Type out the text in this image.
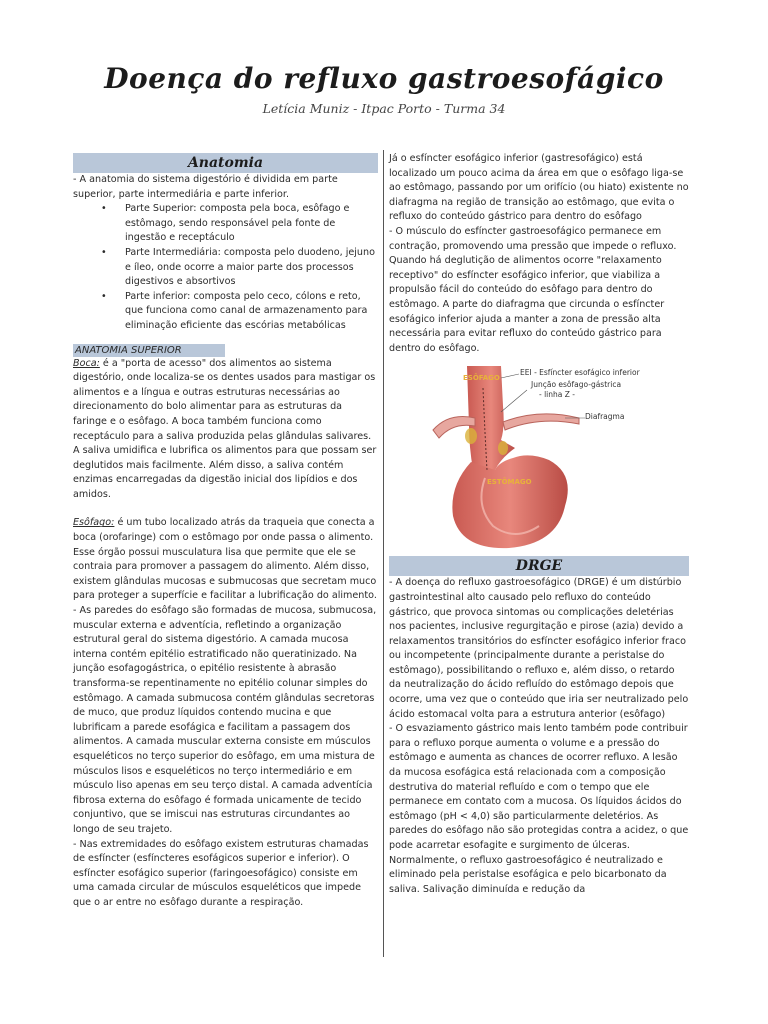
Doença do refluxo gastroesofágico
Letícia Muniz - Itpac Porto - Turma 34
Anatomia

- A anatomia do sistema digestório é dividida em parte superior, parte intermediária e parte inferior.

• Parte Superior: composta pela boca, esôfago e estômago, sendo responsável pela fonte de ingestão e receptáculo
• Parte Intermediária: composta pelo duodeno, jejuno e íleo, onde ocorre a maior parte dos processos digestivos e absortivos
• Parte inferior: composta pelo ceco, cólons e reto, que funciona como canal de armazenamento para eliminação eficiente das escórias metabólicas
ANATOMIA SUPERIOR

Boca: é a "porta de acesso" dos alimentos ao sistema digestório, onde localiza-se os dentes usados para mastigar os alimentos e a língua e outras estruturas necessárias ao direcionamento do bolo alimentar para as estruturas da faringe e o esôfago. A boca também funciona como receptáculo para a saliva produzida pelas glândulas salivares. A saliva umidifica e lubrifica os alimentos para que possam ser deglutidos mais facilmente. Além disso, a saliva contém enzimas encarregadas da digestão inicial dos lipídios e dos amidos.

Esôfago: é um tubo localizado atrás da traqueia que conecta a boca (orofaringe) com o estômago por onde passa o alimento. Esse órgão possui musculatura lisa que permite que ele se contraia para promover a passagem do alimento. Além disso, existem glândulas mucosas e submucosas que secretam muco para proteger a superfície e facilitar a lubrificação do alimento.

- As paredes do esôfago são formadas de mucosa, submucosa, muscular externa e adventícia, refletindo a organização estrutural geral do sistema digestório. A camada mucosa interna contém epitélio estratificado não queratinizado. Na junção esofagogástrica, o epitélio resistente à abrasão transforma-se repentinamente no epitélio colunar simples do estômago. A camada submucosa contém glândulas secretoras de muco, que produz líquidos contendo mucina e que lubrificam a parede esofágica e facilitam a passagem dos alimentos. A camada muscular externa consiste em músculos esqueléticos no terço superior do esôfago, em uma mistura de músculos lisos e esqueléticos no terço intermediário e em músculo liso apenas em seu terço distal. A camada adventícia fibrosa externa do esôfago é formada unicamente de tecido conjuntivo, que se imiscui nas estruturas circundantes ao longo de seu trajeto.

- Nas extremidades do esôfago existem estruturas chamadas de esfíncter (esfíncteres esofágicos superior e inferior). O esfíncter esofágico superior (faringoesofágico) consiste em uma camada circular de músculos esqueléticos que impede que o ar entre no esôfago durante a respiração.

Já o esfíncter esofágico inferior (gastresofágico) está localizado um pouco acima da área em que o esôfago liga-se ao estômago, passando por um orifício (ou hiato) existente no diafragma na região de transição ao estômago, que evita o refluxo do conteúdo gástrico para dentro do esôfago

- O músculo do esfíncter gastroesofágico permanece em contração, promovendo uma pressão que impede o refluxo. Quando há deglutição de alimentos ocorre "relaxamento receptivo" do esfíncter esofágico inferior, que viabiliza a propulsão fácil do conteúdo do esôfago para dentro do estômago. A parte do diafragma que circunda o esfíncter esofágico inferior ajuda a manter a zona de pressão alta necessária para evitar refluxo do conteúdo gástrico para dentro do esôfago.

ESÔFAGO
EEI - Esfíncter esofágico inferior
Junção esôfago-gástrica
- linha Z -
Diafragma
ESTÔMAGO
DRGE

- A doença do refluxo gastroesofágico (DRGE) é um distúrbio gastrointestinal alto causado pelo refluxo do conteúdo gástrico, que provoca sintomas ou complicações deletérias nos pacientes, inclusive regurgitação e pirose (azia) devido a relaxamentos transitórios do esfíncter esofágico inferior fraco ou incompetente (principalmente durante a peristalse do estômago), possibilitando o refluxo e, além disso, o retardo da neutralização do ácido refluído do estômago depois que ocorre, uma vez que o conteúdo que iria ser neutralizado pelo ácido estomacal volta para a estrutura anterior (esôfago)

- O esvaziamento gástrico mais lento também pode contribuir para o refluxo porque aumenta o volume e a pressão do estômago e aumenta as chances de ocorrer refluxo. A lesão da mucosa esofágica está relacionada com a composição destrutiva do material refluído e com o tempo que ele permanece em contato com a mucosa. Os líquidos ácidos do estômago (pH < 4,0) são particularmente deletérios. As paredes do esôfago não são protegidas contra a acidez, o que pode acarretar esofagite e surgimento de úlceras. Normalmente, o refluxo gastroesofágico é neutralizado e eliminado pela peristalse esofágica e pelo bicarbonato da saliva. Salivação diminuída e redução da
